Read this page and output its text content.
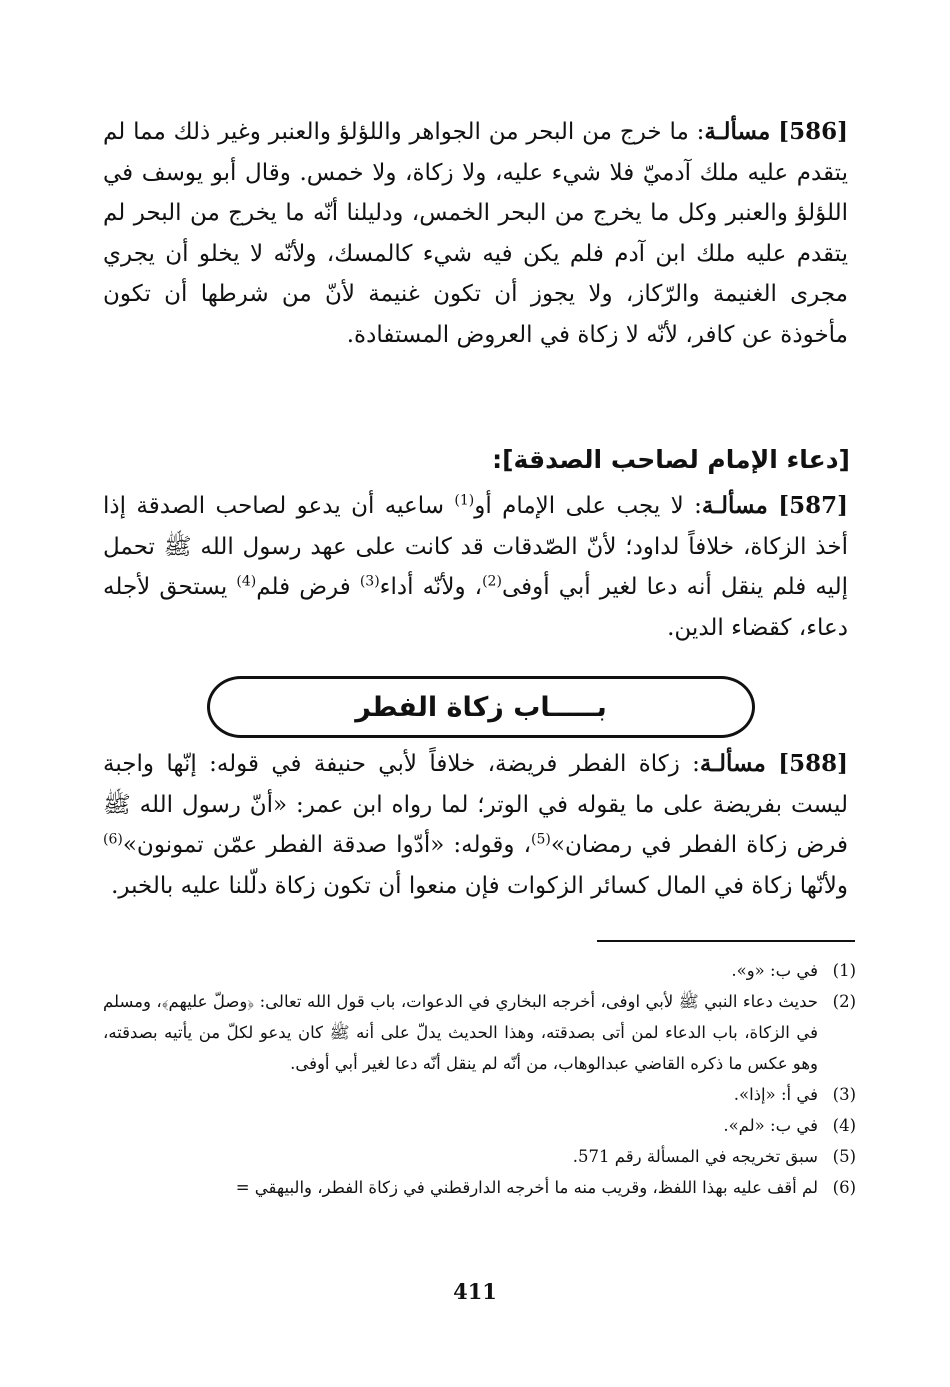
[586] مسألـة: ما خرج من البحر من الجواهر واللؤلؤ والعنبر وغير ذلك مما لم يتقدم عليه ملك آدميّ فلا شيء عليه، ولا زكاة، ولا خمس. وقال أبو يوسف في اللؤلؤ والعنبر وكل ما يخرج من البحر الخمس، ودليلنا أنّه ما يخرج من البحر لم يتقدم عليه ملك ابن آدم فلم يكن فيه شيء كالمسك، ولأنّه لا يخلو أن يجري مجرى الغنيمة والرّكاز، ولا يجوز أن تكون غنيمة لأنّ من شرطها أن تكون مأخوذة عن كافر، لأنّه لا زكاة في العروض المستفادة.

[دعاء الإمام لصاحب الصدقة]:

[587] مسألـة: لا يجب على الإمام أو$^{(1)}$ ساعيه أن يدعو لصاحب الصدقة إذا أخذ الزكاة، خلافاً لداود؛ لأنّ الصّدقات قد كانت على عهد رسول الله ﷺ تحمل إليه فلم ينقل أنه دعا لغير أبي أوفى$^{(2)}$، ولأنّه أداء$^{(3)}$ فرض فلم$^{(4)}$ يستحق لأجله دعاء، كقضاء الدين.

بـــــاب زكاة الفطر

[588] مسألـة: زكاة الفطر فريضة، خلافاً لأبي حنيفة في قوله: إنّها واجبة ليست بفريضة على ما يقوله في الوتر؛ لما رواه ابن عمر: «أنّ رسول الله ﷺ فرض زكاة الفطر في رمضان»$^{(5)}$، وقوله: «أدّوا صدقة الفطر عمّن تمونون»$^{(6)}$ ولأنّها زكاة في المال كسائر الزكوات فإن منعوا أن تكون زكاة دلّلنا عليه بالخبر.

(1)
في ب: «و».
(2)
حديث دعاء النبي ﷺ لأبي اوفى، أخرجه البخاري في الدعوات، باب قول الله تعالى: ﴿وصلّ عليهم﴾، ومسلم في الزكاة، باب الدعاء لمن أتى بصدقته، وهذا الحديث يدلّ على أنه ﷺ كان يدعو لكلّ من يأتيه بصدقته، وهو عكس ما ذكره القاضي عبدالوهاب، من أنّه لم ينقل أنّه دعا لغير أبي أوفى.
(3)
في أ: «إذا».
(4)
في ب: «لم».
(5)
سبق تخريجه في المسألة رقم 571.
(6)
لم أقف عليه بهذا اللفظ، وقريب منه ما أخرجه الدارقطني في زكاة الفطر، والبيهقي =
411
